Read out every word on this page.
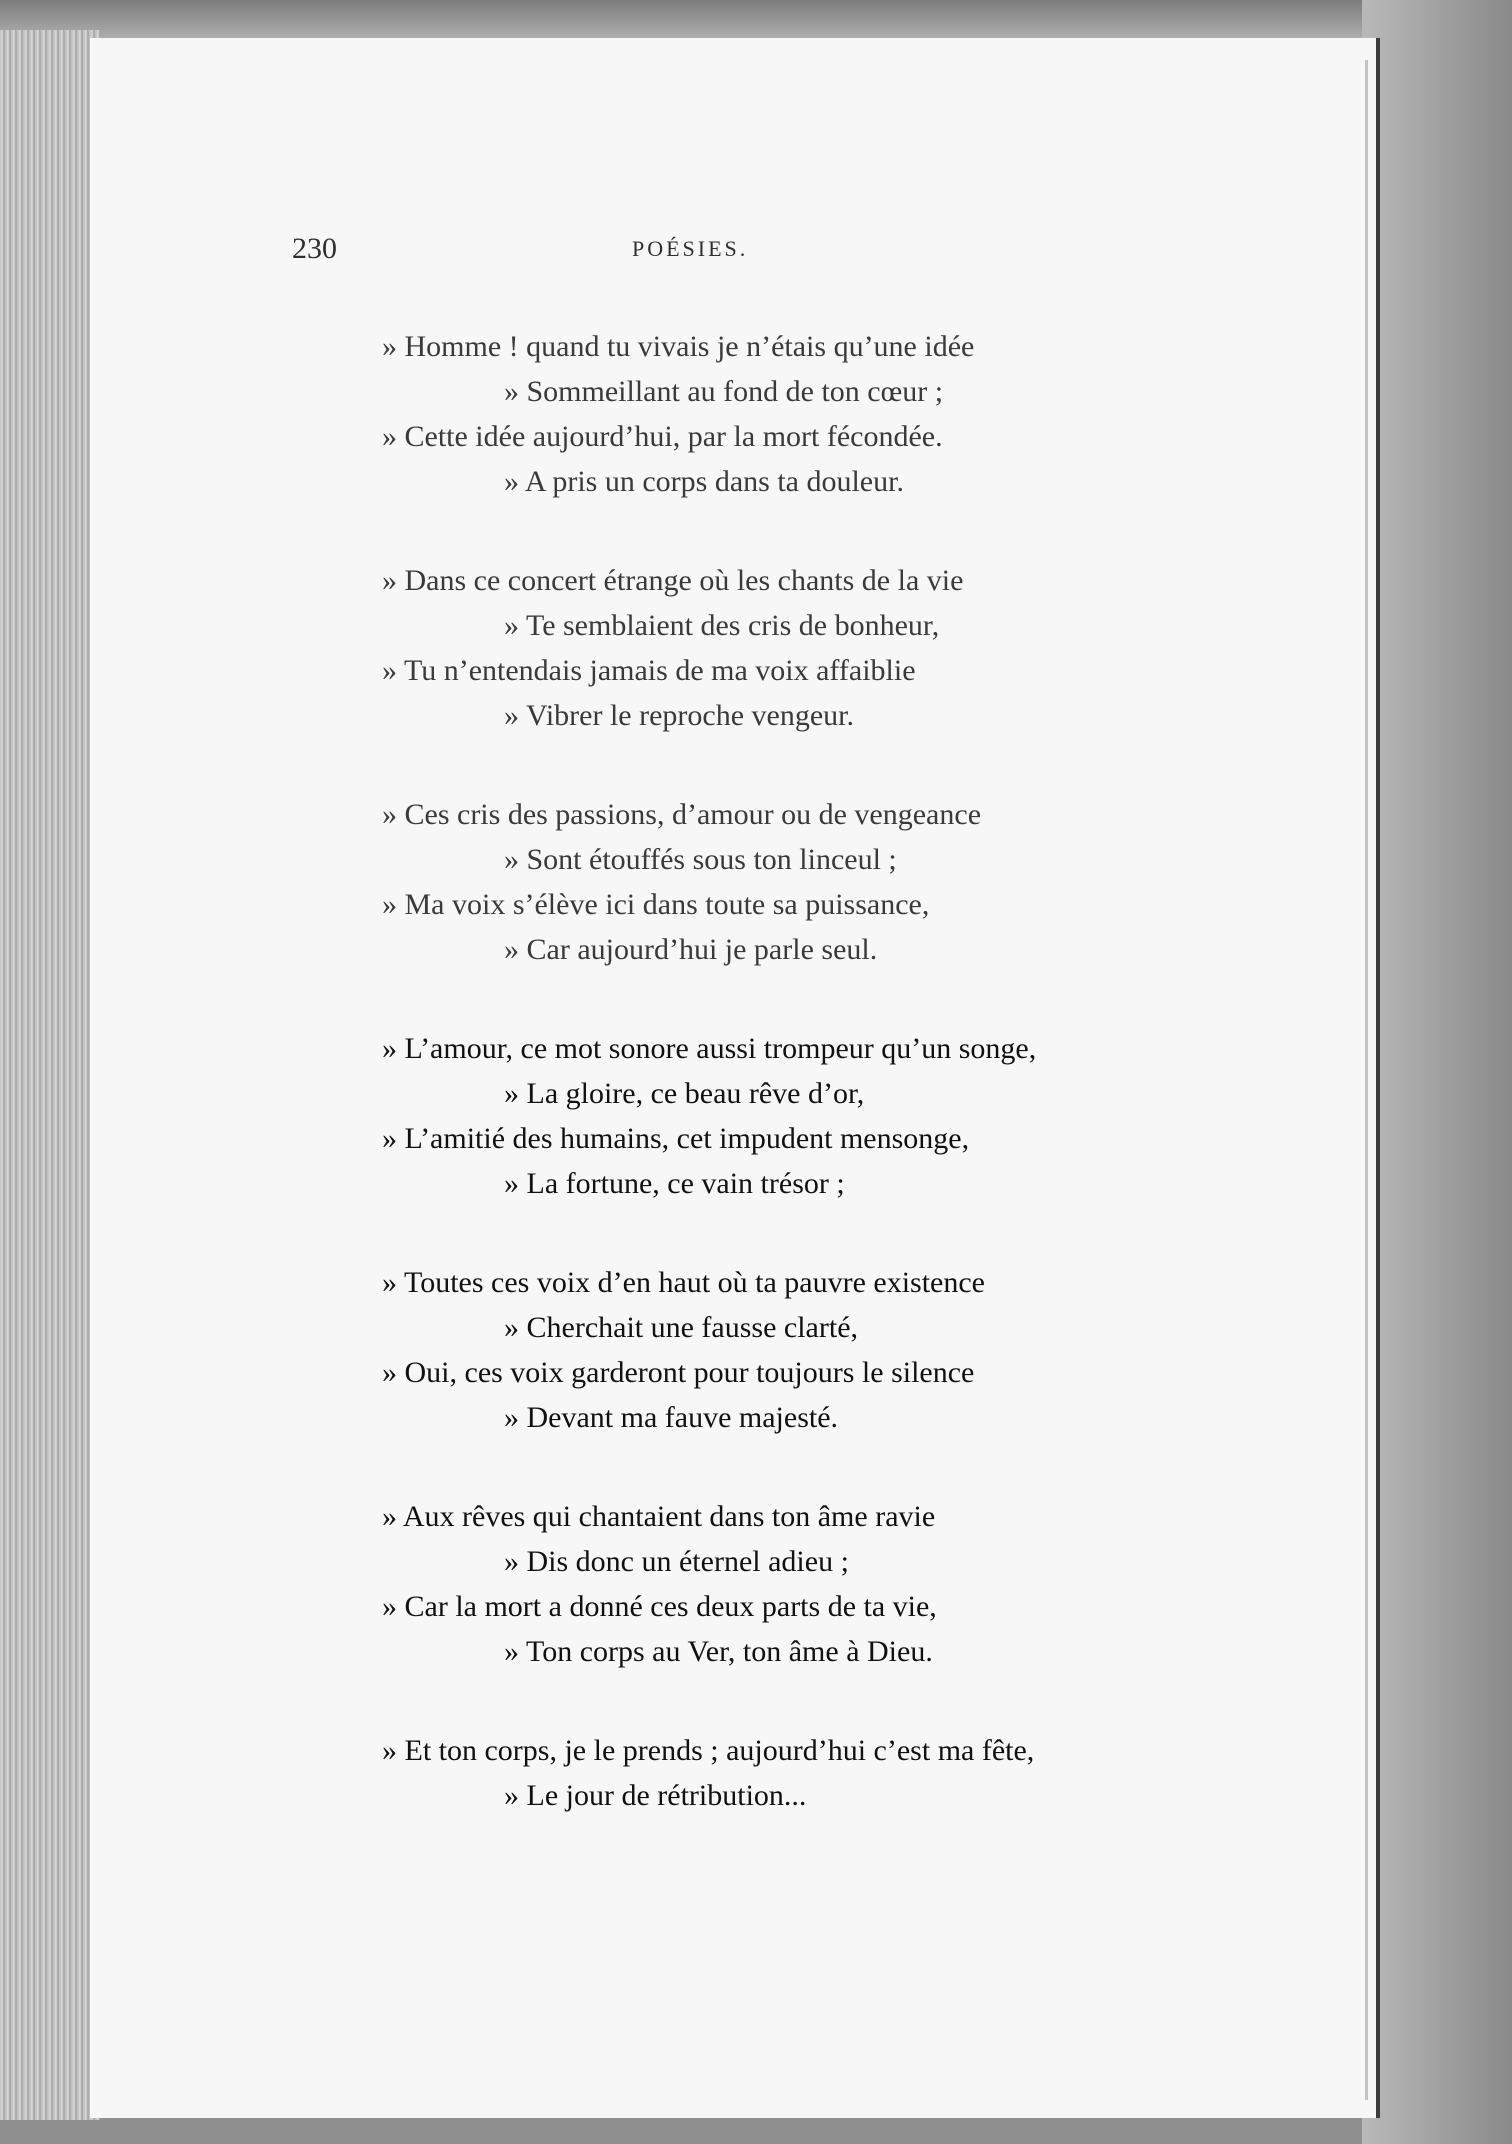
230	POÉSIES.
» Homme ! quand tu vivais je n’étais qu’une idée
» Sommeillant au fond de ton cœur ;
» Cette idée aujourd’hui, par la mort fécondée.
» A pris un corps dans ta douleur.
» Dans ce concert étrange où les chants de la vie
» Te semblaient des cris de bonheur,
» Tu n’entendais jamais de ma voix affaiblie
» Vibrer le reproche vengeur.
» Ces cris des passions, d’amour ou de vengeance
» Sont étouffés sous ton linceul ;
» Ma voix s’élève ici dans toute sa puissance,
» Car aujourd’hui je parle seul.
» L’amour, ce mot sonore aussi trompeur qu’un songe,
» La gloire, ce beau rêve d’or,
» L’amitié des humains, cet impudent mensonge,
» La fortune, ce vain trésor ;
» Toutes ces voix d’en haut où ta pauvre existence
» Cherchait une fausse clarté,
» Oui, ces voix garderont pour toujours le silence
» Devant ma fauve majesté.
» Aux rêves qui chantaient dans ton âme ravie
» Dis donc un éternel adieu ;
» Car la mort a donné ces deux parts de ta vie,
» Ton corps au Ver, ton âme à Dieu.
» Et ton corps, je le prends ; aujourd’hui c’est ma fête,
» Le jour de rétribution...
